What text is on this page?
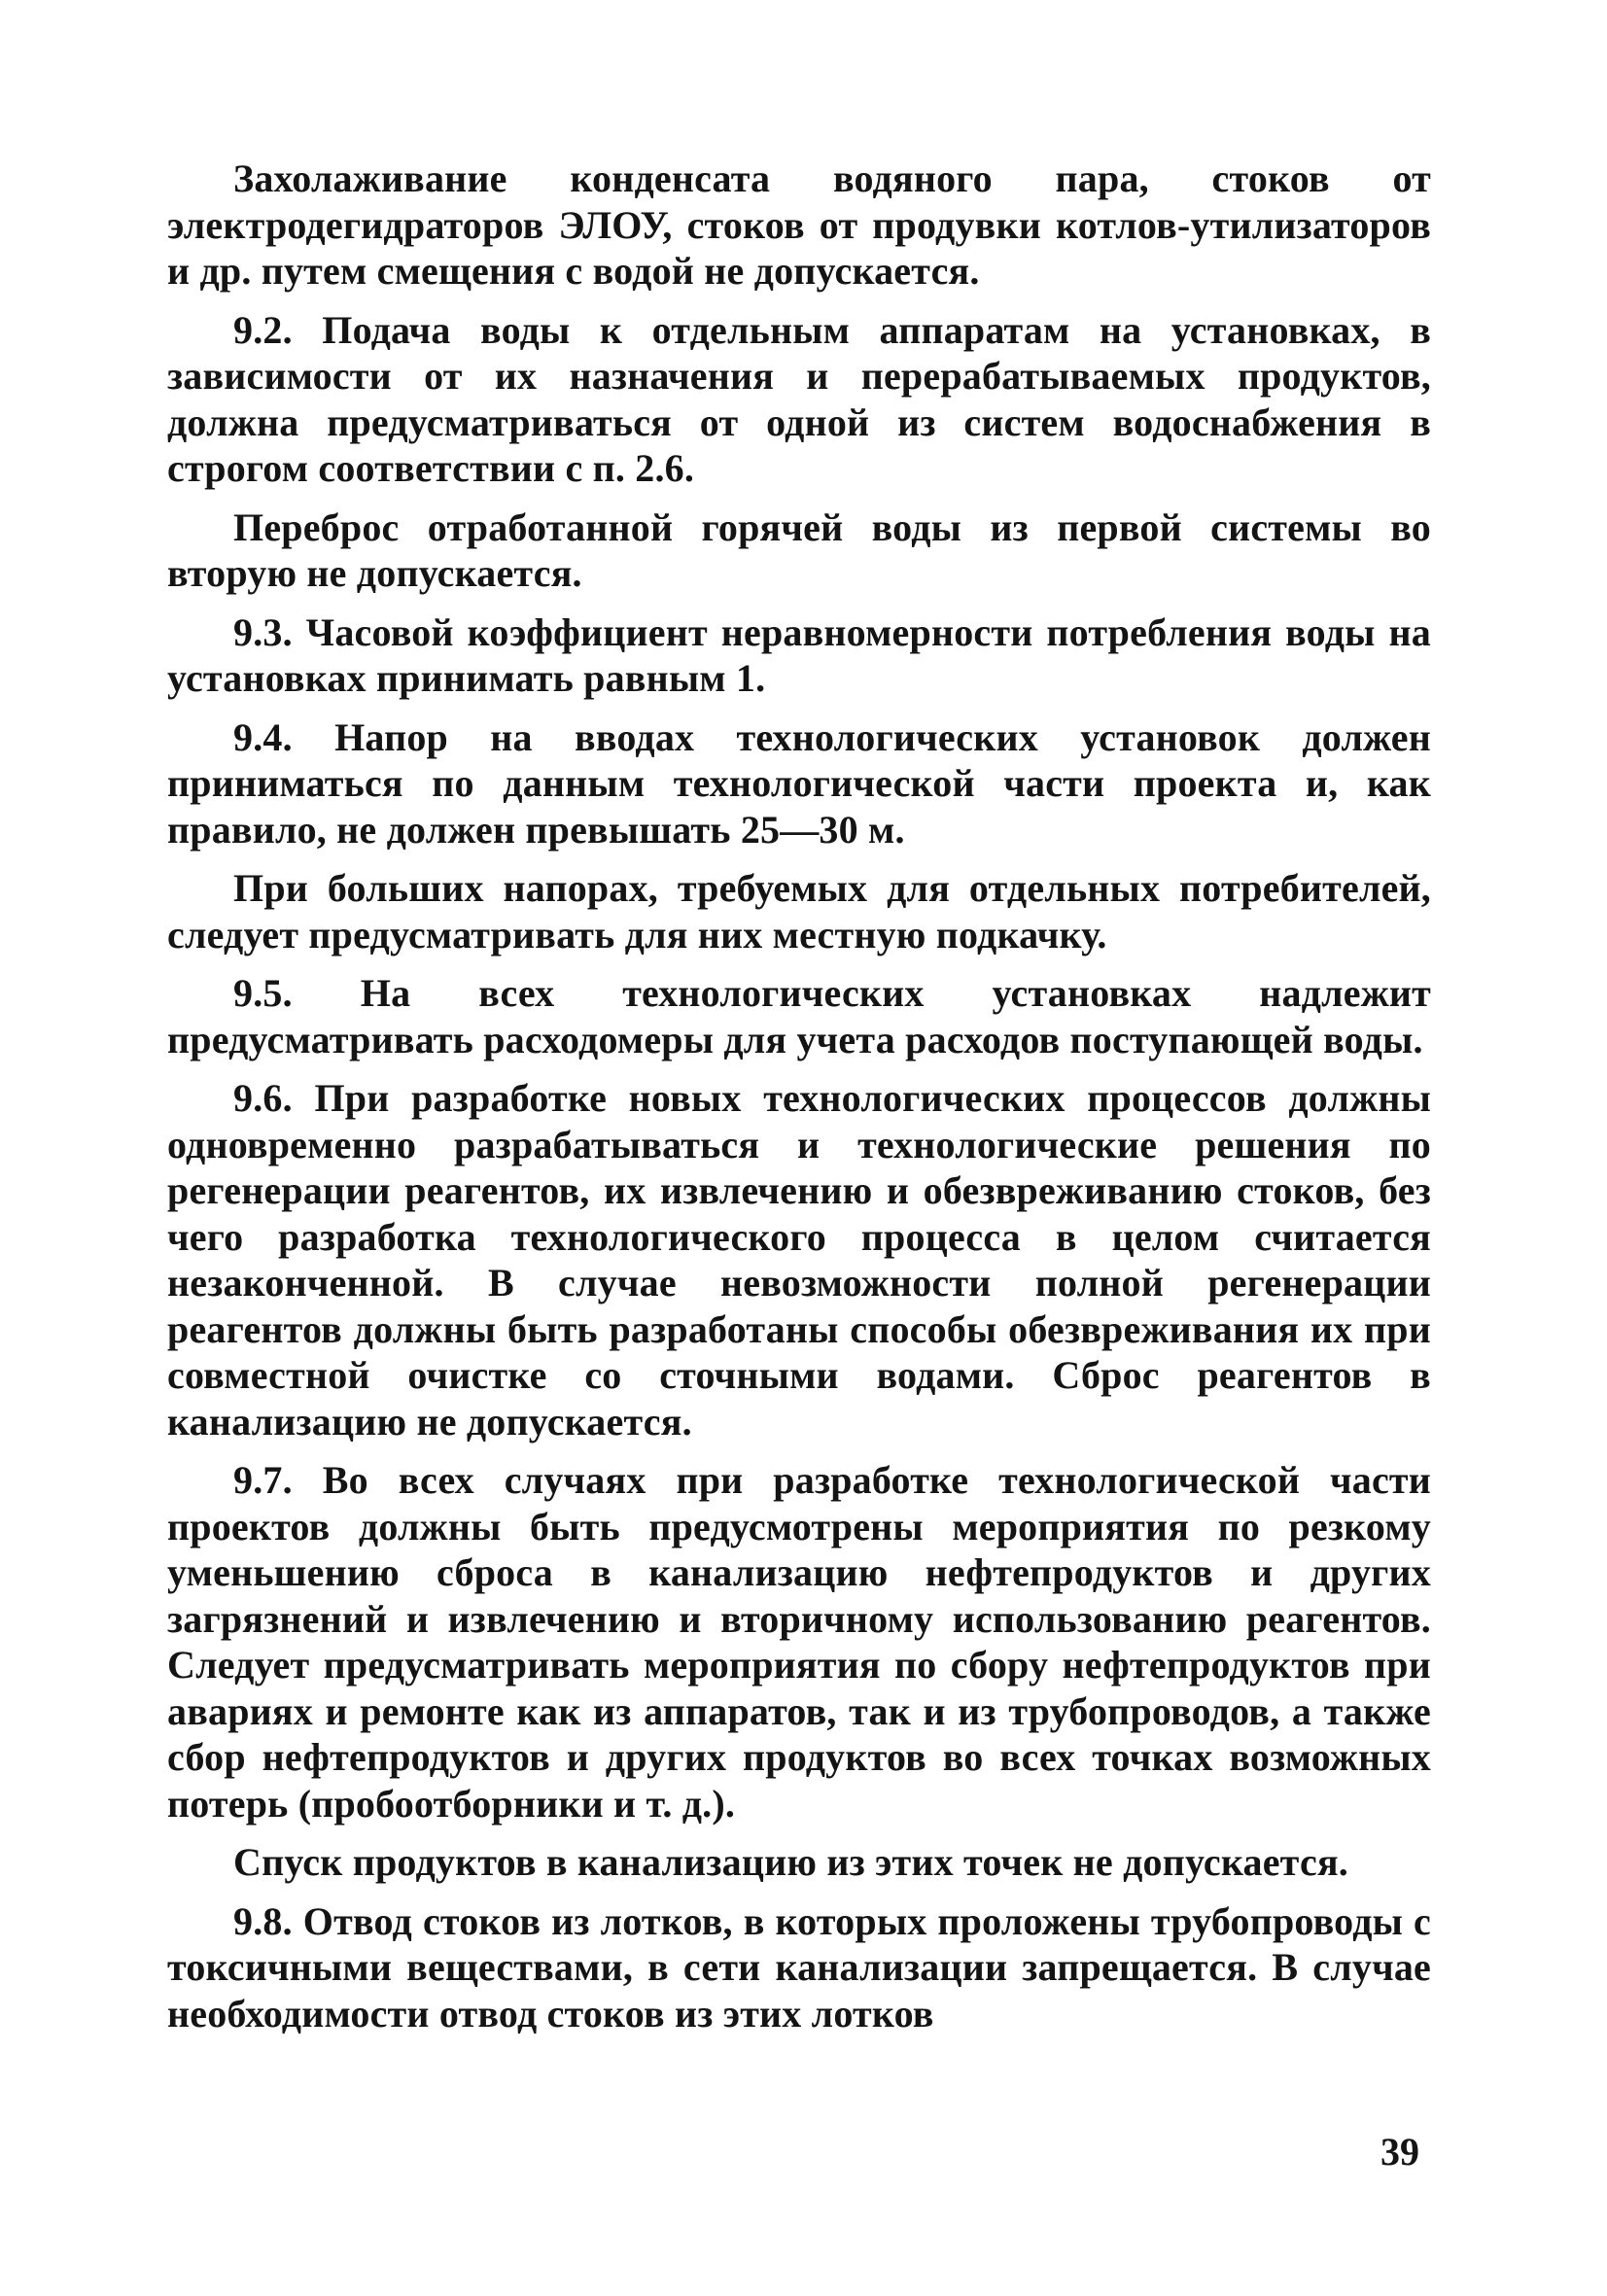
Захолаживание конденсата водяного пара, стоков от электродегидраторов ЭЛОУ, стоков от продувки котлов-утилизаторов и др. путем смещения с водой не допускается.

9.2. Подача воды к отдельным аппаратам на установках, в зависимости от их назначения и перерабатываемых продуктов, должна предусматриваться от одной из систем водоснабжения в строгом соответствии с п. 2.6.

Переброс отработанной горячей воды из первой системы во вторую не допускается.

9.3. Часовой коэффициент неравномерности потребления воды на установках принимать равным 1.

9.4. Напор на вводах технологических установок должен приниматься по данным технологической части проекта и, как правило, не должен превышать 25—30 м.

При больших напорах, требуемых для отдельных потребителей, следует предусматривать для них местную подкачку.

9.5. На всех технологических установках надлежит предусматривать расходомеры для учета расходов поступающей воды.

9.6. При разработке новых технологических процессов должны одновременно разрабатываться и технологические решения по регенерации реагентов, их извлечению и обезвреживанию стоков, без чего разработка технологического процесса в целом считается незаконченной. В случае невозможности полной регенерации реагентов должны быть разработаны способы обезвреживания их при совместной очистке со сточными водами. Сброс реагентов в канализацию не допускается.

9.7. Во всех случаях при разработке технологической части проектов должны быть предусмотрены мероприятия по резкому уменьшению сброса в канализацию нефтепродуктов и других загрязнений и извлечению и вторичному использованию реагентов. Следует предусматривать мероприятия по сбору нефтепродуктов при авариях и ремонте как из аппаратов, так и из трубопроводов, а также сбор нефтепродуктов и других продуктов во всех точках возможных потерь (пробоотборники и т. д.).

Спуск продуктов в канализацию из этих точек не допускается.

9.8. Отвод стоков из лотков, в которых проложены трубопроводы с токсичными веществами, в сети канализации запрещается. В случае необходимости отвод стоков из этих лотков

39
